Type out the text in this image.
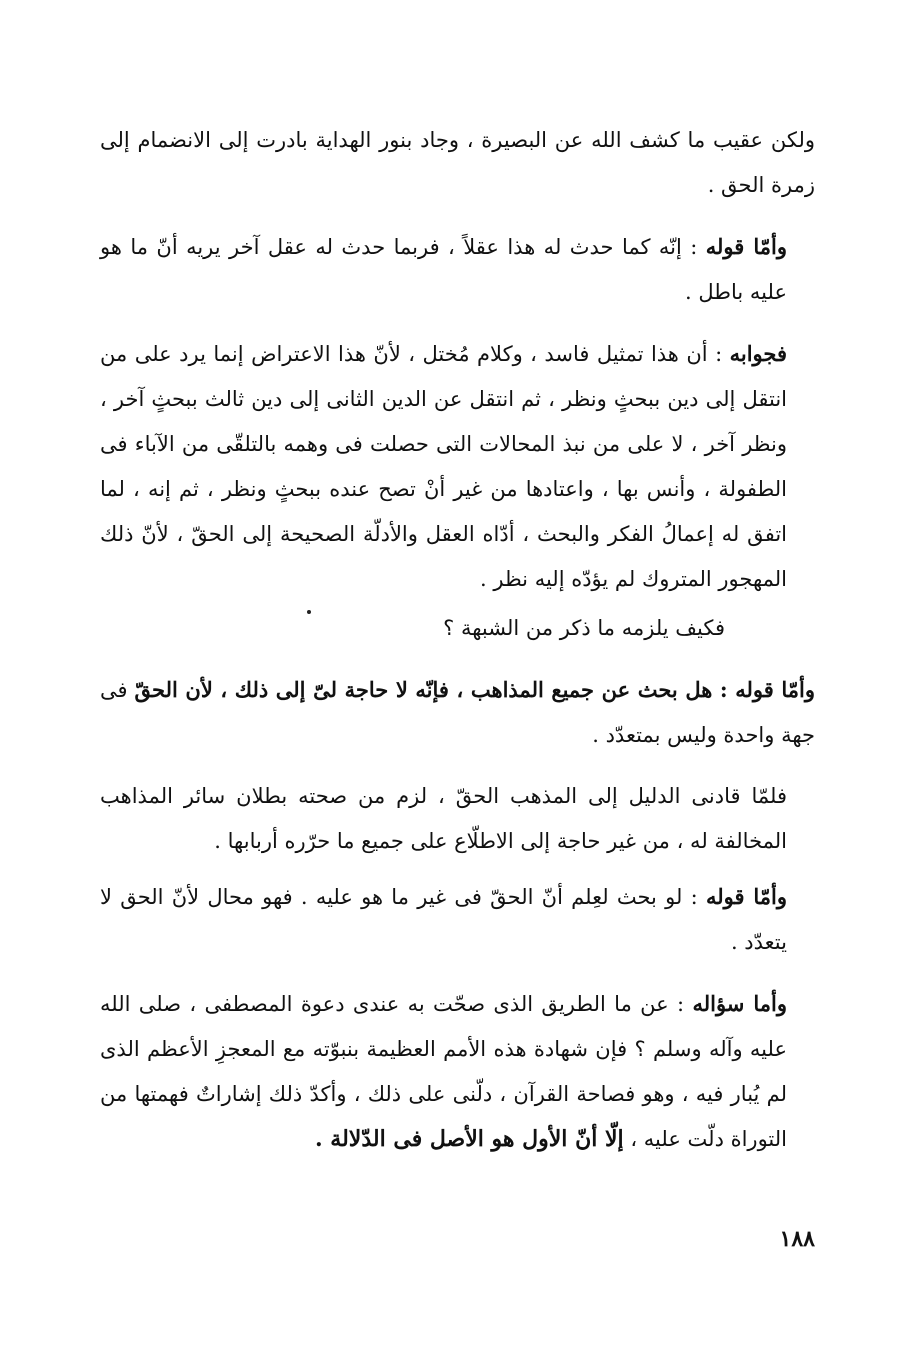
ولكن عقيب ما كشف الله عن البصيرة ، وجاد بنور الهداية بادرت إلى الانضمام إلى زمرة الحق .

وأمّا قوله : إنّه كما حدث له هذا عقلاً ، فربما حدث له عقل آخر يريه أنّ ما هو عليه باطل .

فجوابه : أن هذا تمثيل فاسد ، وكلام مُختل ، لأنّ هذا الاعتراض إنما يرد على من انتقل إلى دين ببحثٍ ونظر ، ثم انتقل عن الدين الثانى إلى دين ثالث ببحثٍ آخر ، ونظر آخر ، لا على من نبذ المحالات التى حصلت فى وهمه بالتلقّى من الآباء فى الطفولة ، وأنس بها ، واعتادها من غير أنْ تصح عنده ببحثٍ ونظر ، ثم إنه ، لما اتفق له إعمالُ الفكر والبحث ، أدّاه العقل والأدلّة الصحيحة إلى الحقّ ، لأنّ ذلك المهجور المتروك لم يؤدّه إليه نظر .

فكيف يلزمه ما ذكر من الشبهة ؟

وأمّا قوله : هل بحث عن جميع المذاهب ، فإنّه لا حاجة لىّ إلى ذلك ، لأن الحقّ فى جهة واحدة وليس بمتعدّد .

فلمّا قادنى الدليل إلى المذهب الحقّ ، لزم من صحته بطلان سائر المذاهب المخالفة له ، من غير حاجة إلى الاطلّاع على جميع ما حرّره أربابها .

وأمّا قوله : لو بحث لعِلم أنّ الحقّ فى غير ما هو عليه . فهو محال لأنّ الحق لا يتعدّد .

وأما سؤاله : عن ما الطريق الذى صحّت به عندى دعوة المصطفى ، صلى الله عليه وآله وسلم ؟ فإن شهادة هذه الأمم العظيمة بنبوّته مع المعجزِ الأعظم الذى لم يُبار فيه ، وهو فصاحة القرآن ، دلّنى على ذلك ، وأكدّ ذلك إشاراتٌ فهمتها من التوراة دلّت عليه ، إلّا أنّ الأول هو الأصل فى الدّلالة .

١٨٨
